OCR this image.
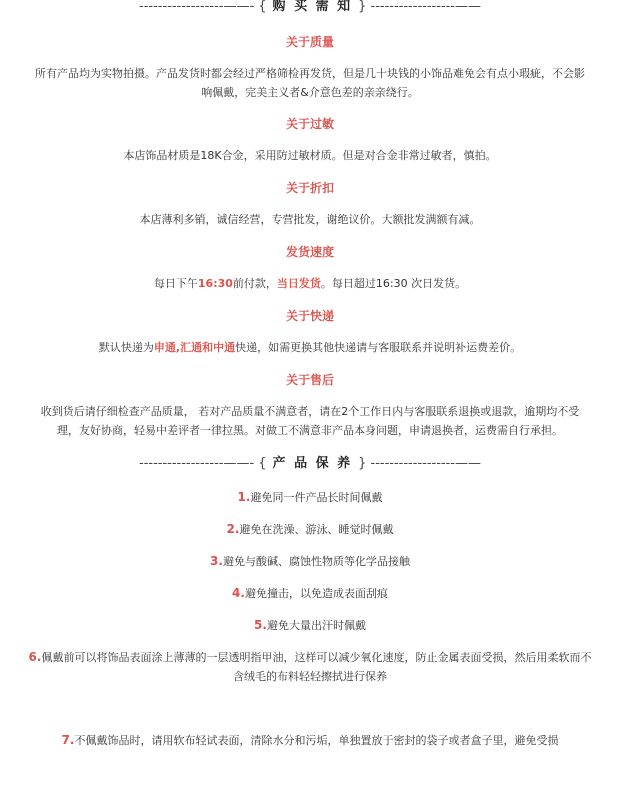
------------------——- { 购 买 需 知 } ------------------——
关于质量
所有产品均为实物拍摄。产品发货时都会经过严格筛检再发货，但是几十块钱的小饰品难免会有点小瑕疵，不会影
响佩戴，完美主义者&介意色差的亲亲绕行。
关于过敏
本店饰品材质是18K合金，采用防过敏材质。但是对合金非常过敏者，慎拍。
关于折扣
本店薄利多销，诚信经营，专营批发，谢绝议价。大额批发满额有减。
发货速度
每日下午16:30前付款，当日发货。每日超过16:30 次日发货。
关于快递
默认快递为申通,汇通和中通快递，如需更换其他快递请与客服联系并说明补运费差价。
关于售后
收到货后请仔细检查产品质量， 若对产品质量不满意者，请在2个工作日内与客服联系退换或退款，逾期均不受
理，友好协商，轻易中差评者一律拉黑。对做工不满意非产品本身问题，申请退换者，运费需自行承担。
------------------——- { 产 品 保 养 } ------------------——
1.避免同一件产品长时间佩戴
2.避免在洗澡、游泳、睡觉时佩戴
3.避免与酸碱、腐蚀性物质等化学品接触
4.避免撞击，以免造成表面刮痕
5.避免大量出汗时佩戴
6.佩戴前可以将饰品表面涂上薄薄的一层透明指甲油，这样可以减少氧化速度，防止金属表面受损，然后用柔软而不
含绒毛的布料轻轻擦拭进行保养
7.不佩戴饰品时，请用软布轻试表面，清除水分和污垢，单独置放于密封的袋子或者盒子里，避免受损
